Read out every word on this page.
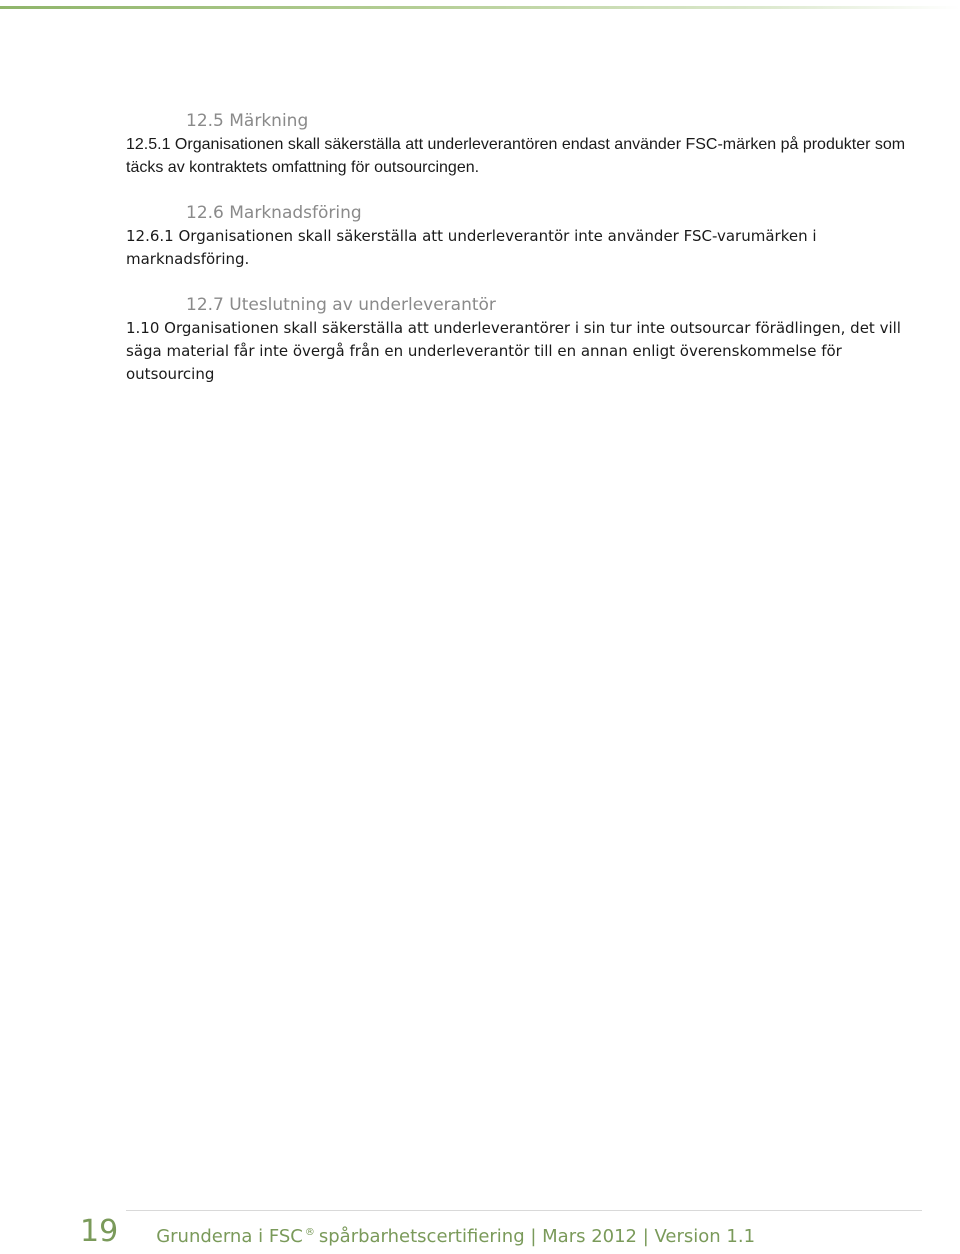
12.5 Märkning

12.5.1 Organisationen skall säkerställa att underleverantören endast använder FSC-märken på produkter som täcks av kontraktets omfattning för outsourcingen.

12.6 Marknadsföring

12.6.1 Organisationen skall säkerställa att underleverantör inte använder FSC-varumärken i marknadsföring.

12.7 Uteslutning av underleverantör

1.10 Organisationen skall säkerställa att underleverantörer i sin tur inte outsourcar förädlingen, det vill säga material får inte övergå från en underleverantör till en annan enligt överenskommelse för outsourcing

19 Grunderna i FSC ® spårbarhetscertifiering | Mars 2012 | Version 1.1
